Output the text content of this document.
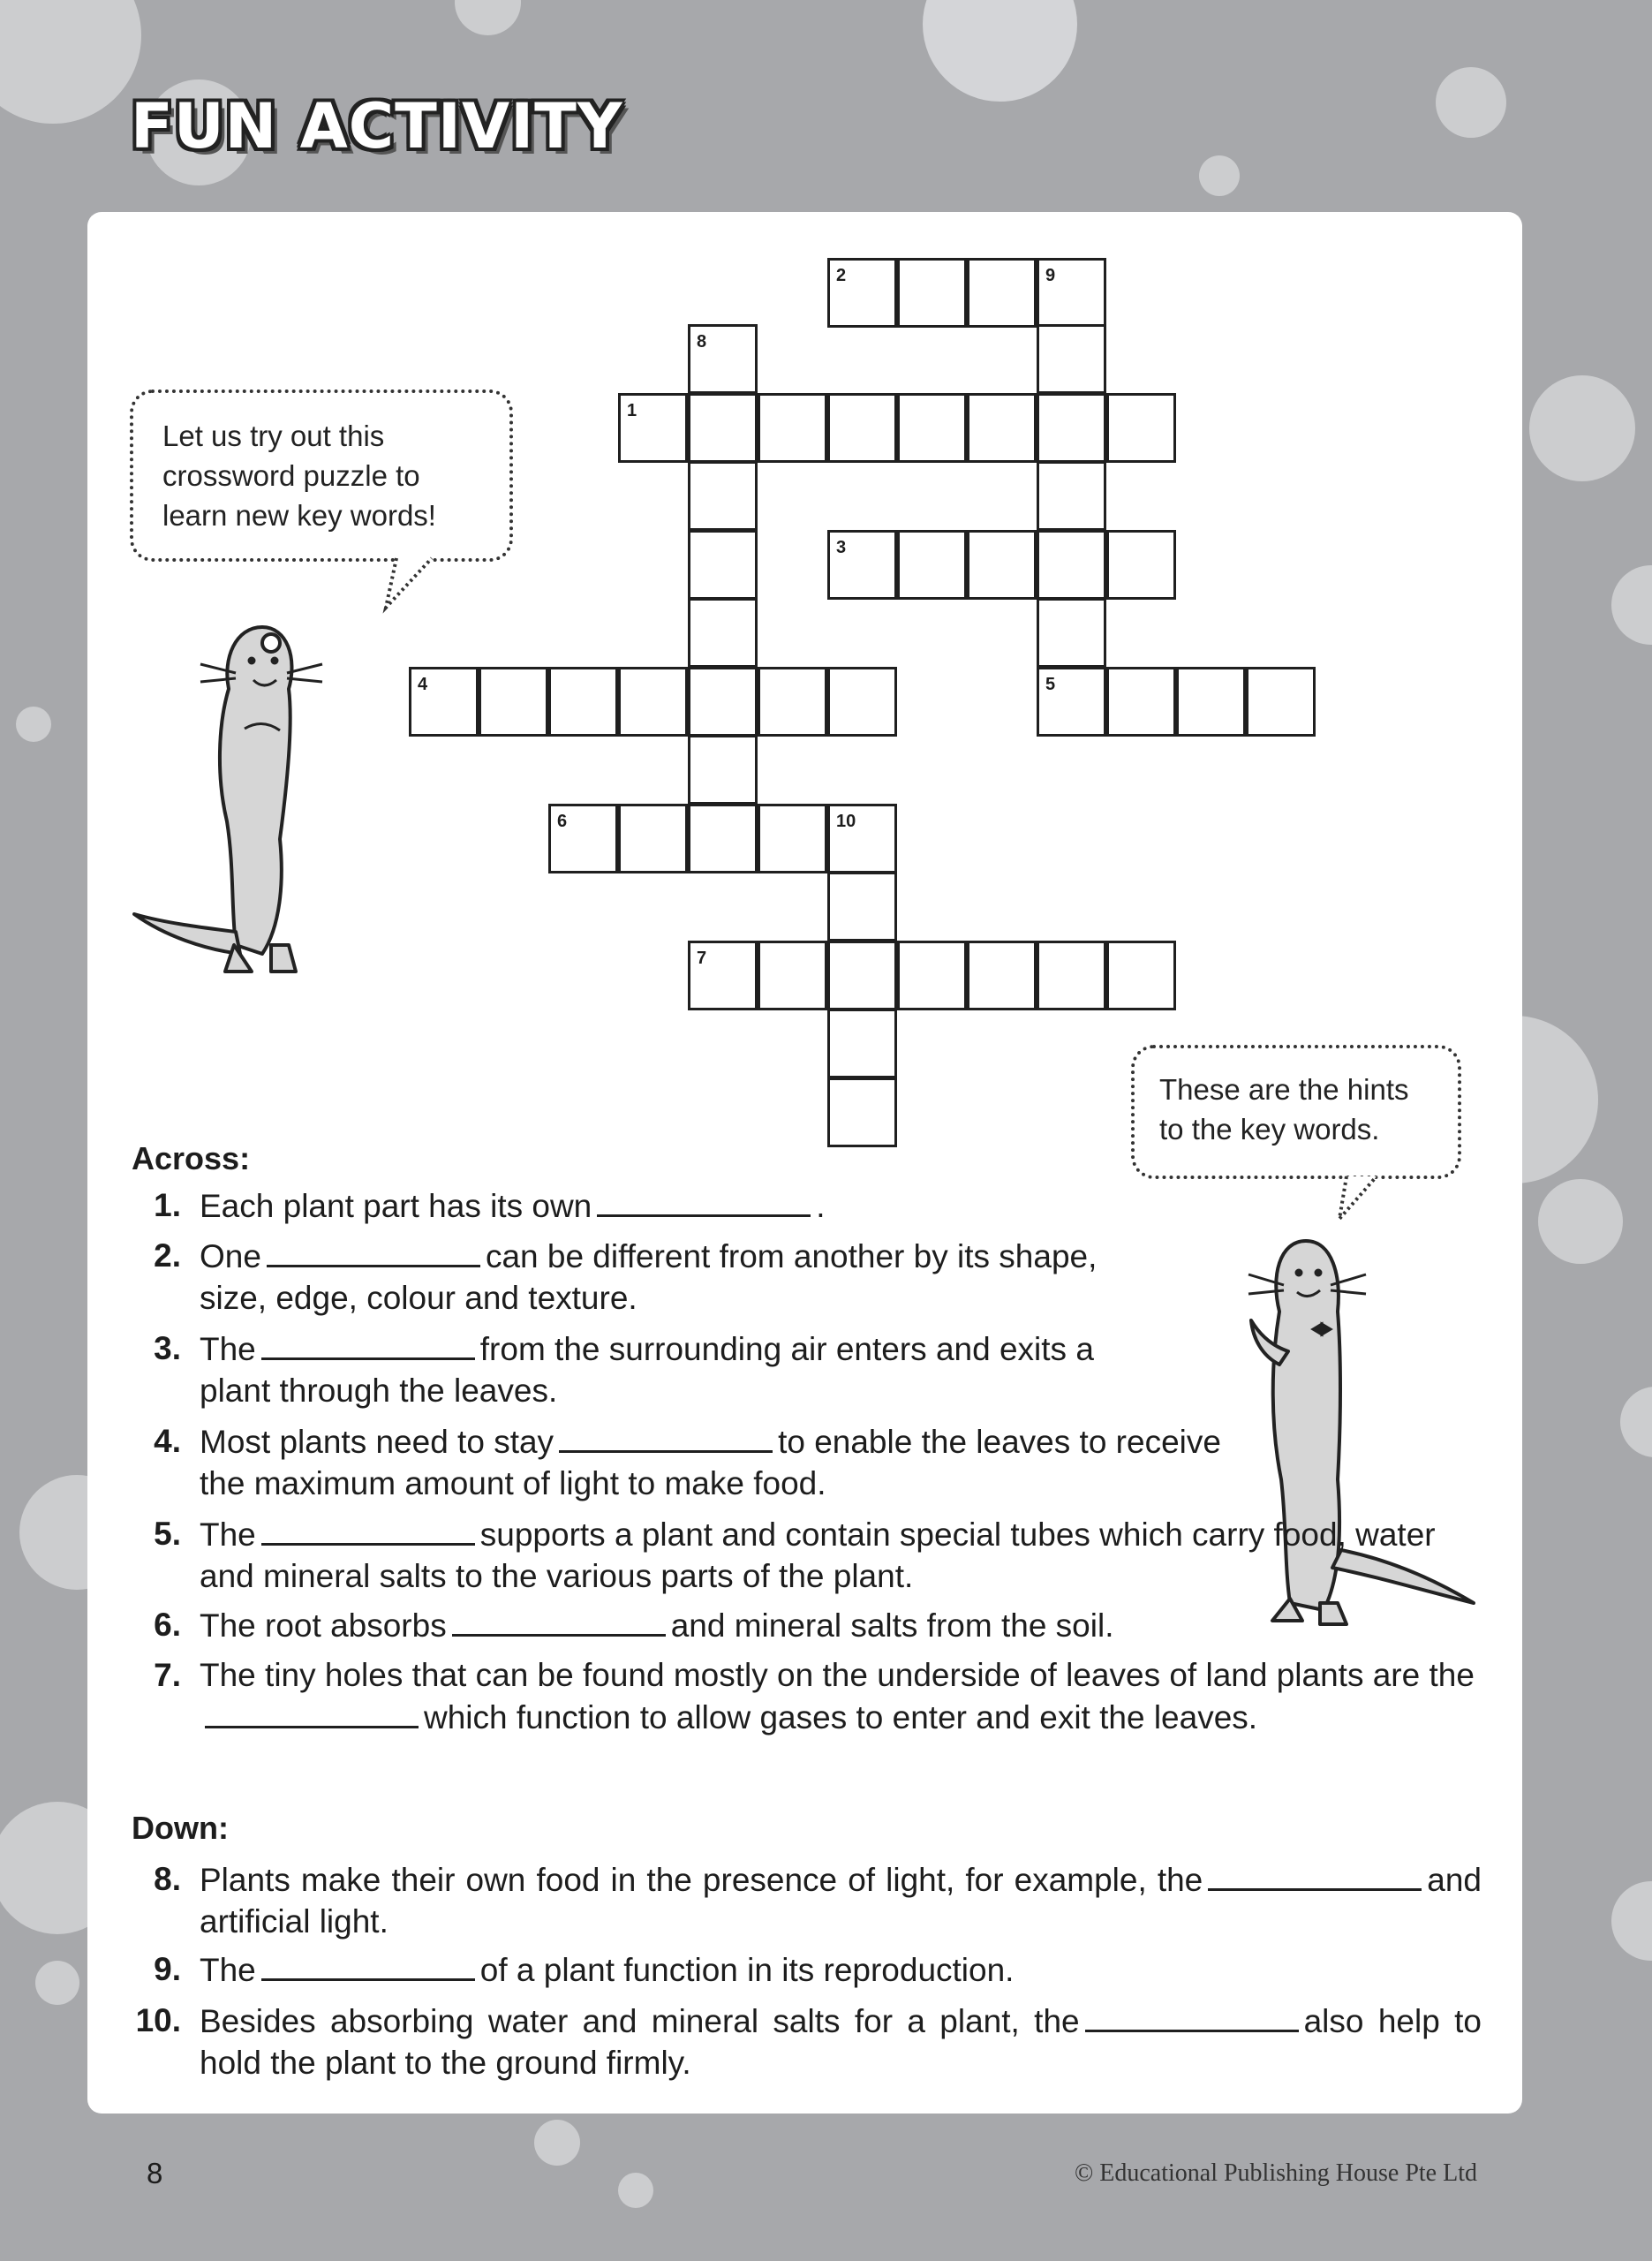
FUN ACTIVITY
2	9
8
1
3
4	5
6	10
7
Let us try out this
crossword puzzle to
learn new key words!
These are the hints
to the key words.
Across:
1. Each plant part has its own	.
2. One	can be different from another by its shape, size, edge, colour and texture.
3. The	from the surrounding air enters and exits a plant through the leaves.
4. Most plants need to stay	to enable the leaves to receive the maximum amount of light to make food.
5. The	supports a plant and contain special tubes which carry food, water and mineral salts to the various parts of the plant.
6. The root absorbs	and mineral salts from the soil.
7. The tiny holes that can be found mostly on the underside of leaves of land plants are thewhich function to allow gases to enter and exit the leaves.
Down:
8. Plants make their own food in the presence of light, for example, the	and artificial light.
9. The	of a plant function in its reproduction.
10. Besides absorbing water and mineral salts for a plant, the	also help to hold the plant to the ground firmly.
8	© Educational Publishing House Pte Ltd
